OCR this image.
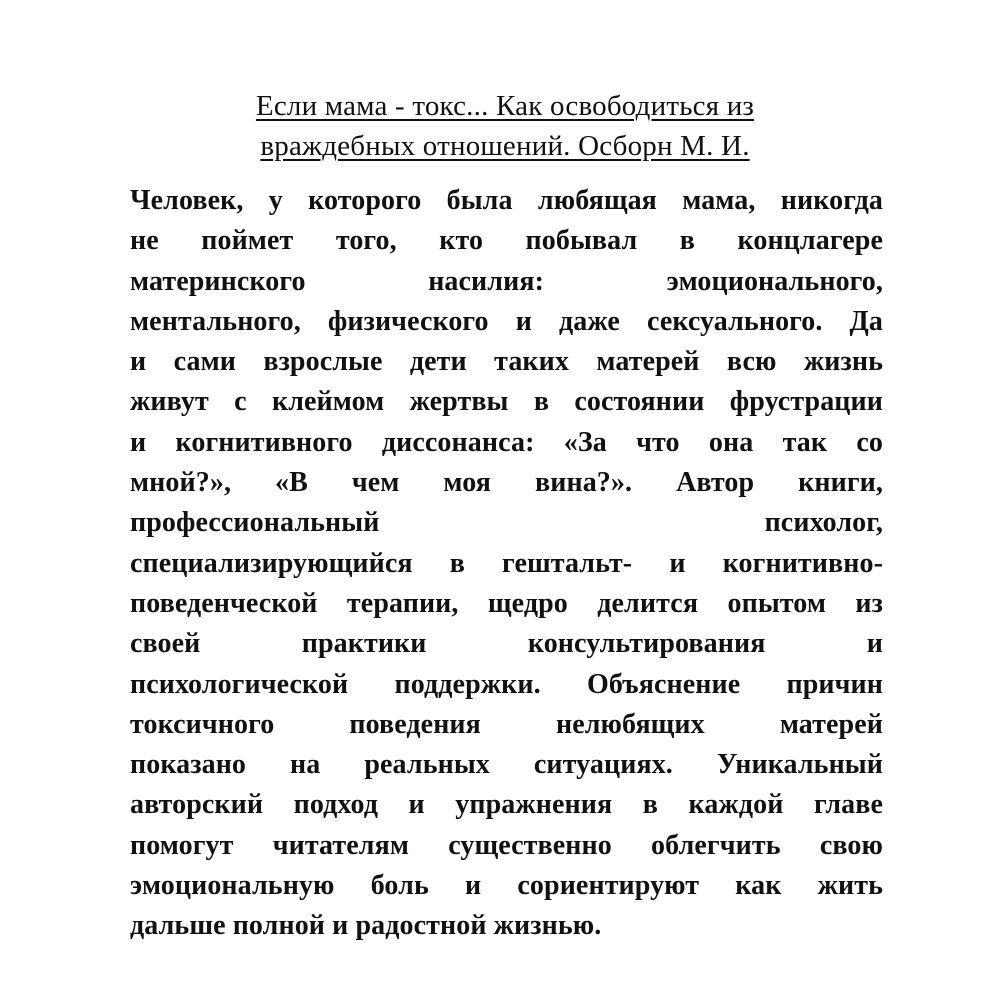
Если мама - токс... Как освободиться из
враждебных отношений. Осборн М. И.
Человек, у которого была любящая мама, никогда
не поймет того, кто побывал в концлагере
материнского насилия: эмоционального,
ментального, физического и даже сексуального. Да
и сами взрослые дети таких матерей всю жизнь
живут с клеймом жертвы в состоянии фрустрации
и когнитивного диссонанса: «За что она так со
мной?», «В чем моя вина?». Автор книги,
профессиональный психолог,
специализирующийся в гештальт- и когнитивно-
поведенческой терапии, щедро делится опытом из
своей практики консультирования и
психологической поддержки. Объяснение причин
токсичного поведения нелюбящих матерей
показано на реальных ситуациях. Уникальный
авторский подход и упражнения в каждой главе
помогут читателям существенно облегчить свою
эмоциональную боль и сориентируют как жить
дальше полной и радостной жизнью.
